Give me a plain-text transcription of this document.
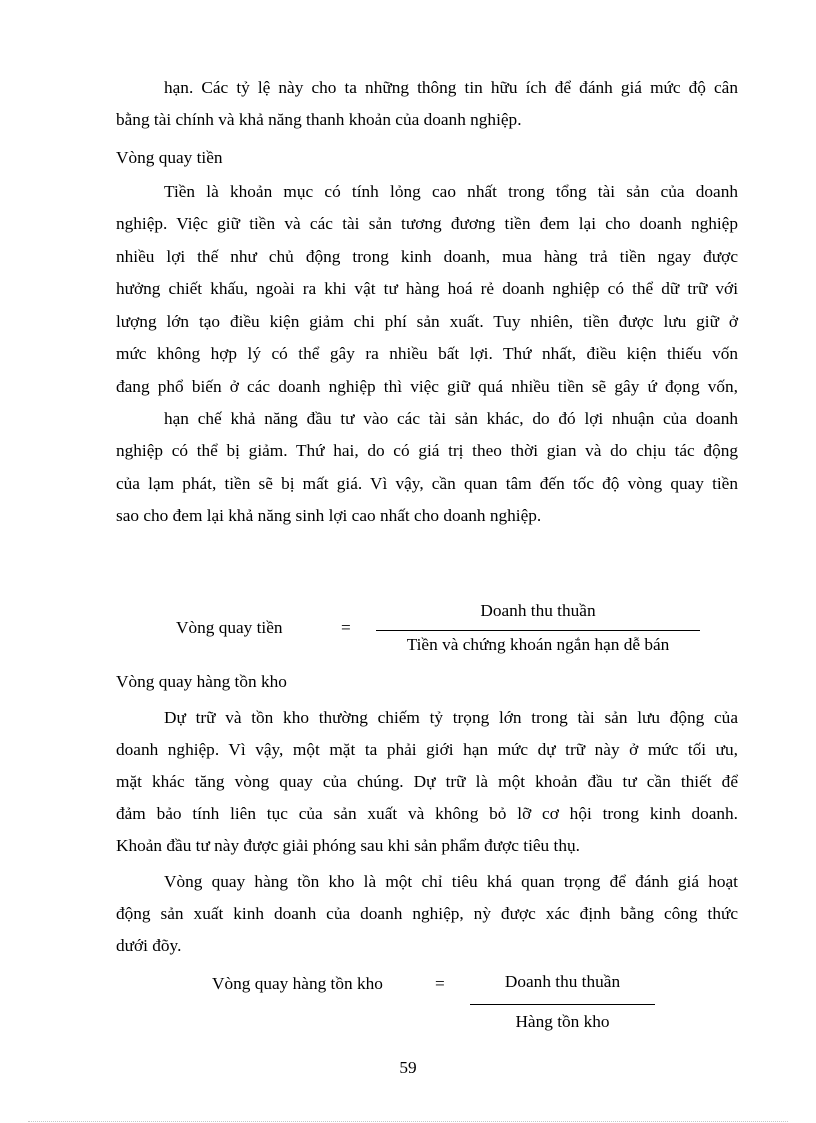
hạn. Các tỷ lệ này cho ta những thông tin hữu ích để đánh giá mức độ cân
bằng tài chính và khả năng thanh khoản của doanh nghiệp.
Vòng quay tiền
Tiền là khoản mục có tính lỏng cao nhất trong tổng tài sản của doanh
nghiệp. Việc giữ tiền và các tài sản tương đương tiền đem lại cho doanh nghiệp
nhiều lợi thế như chủ động trong kinh doanh, mua hàng trả tiền ngay được
hưởng chiết khấu, ngoài ra khi vật tư hàng hoá rẻ doanh nghiệp có thể dữ trữ với
lượng lớn tạo điều kiện giảm chi phí sản xuất. Tuy nhiên, tiền được lưu giữ ở
mức không hợp lý có thể gây ra nhiều bất lợi. Thứ nhất, điều kiện thiếu vốn
đang phổ biến ở các doanh nghiệp thì việc giữ quá nhiều tiền sẽ gây ứ đọng vốn,
hạn chế khả năng đầu tư vào các tài sản khác, do đó lợi nhuận của doanh
nghiệp có thể bị giảm. Thứ hai, do có giá trị theo thời gian và do chịu tác động
của lạm phát, tiền sẽ bị mất giá. Vì vậy, cần quan tâm đến tốc độ vòng quay tiền
sao cho đem lại khả năng sinh lợi cao nhất cho doanh nghiệp.
Vòng quay tiền	=
Doanh thu thuần
Tiền và chứng khoán ngắn hạn dễ bán
Vòng quay hàng tồn kho
Dự trữ và tồn kho thường chiếm tỷ trọng lớn trong tài sản lưu động của
doanh nghiệp. Vì vậy, một mặt ta phải giới hạn mức dự trữ này ở mức tối ưu,
mặt khác tăng vòng quay của chúng. Dự trữ là một khoản đầu tư cần thiết để
đảm bảo tính liên tục của sản xuất và không bỏ lỡ cơ hội trong kinh doanh.
Khoản đầu tư này được giải phóng sau khi sản phẩm được tiêu thụ.
Vòng quay hàng tồn kho là một chỉ tiêu khá quan trọng để đánh giá hoạt
động sản xuất kinh doanh của doanh nghiệp, nỳ được xác định bằng công thức
dưới đõy.
Vòng quay hàng tồn kho	=	Doanh thu thuần
Hàng tồn kho
59
